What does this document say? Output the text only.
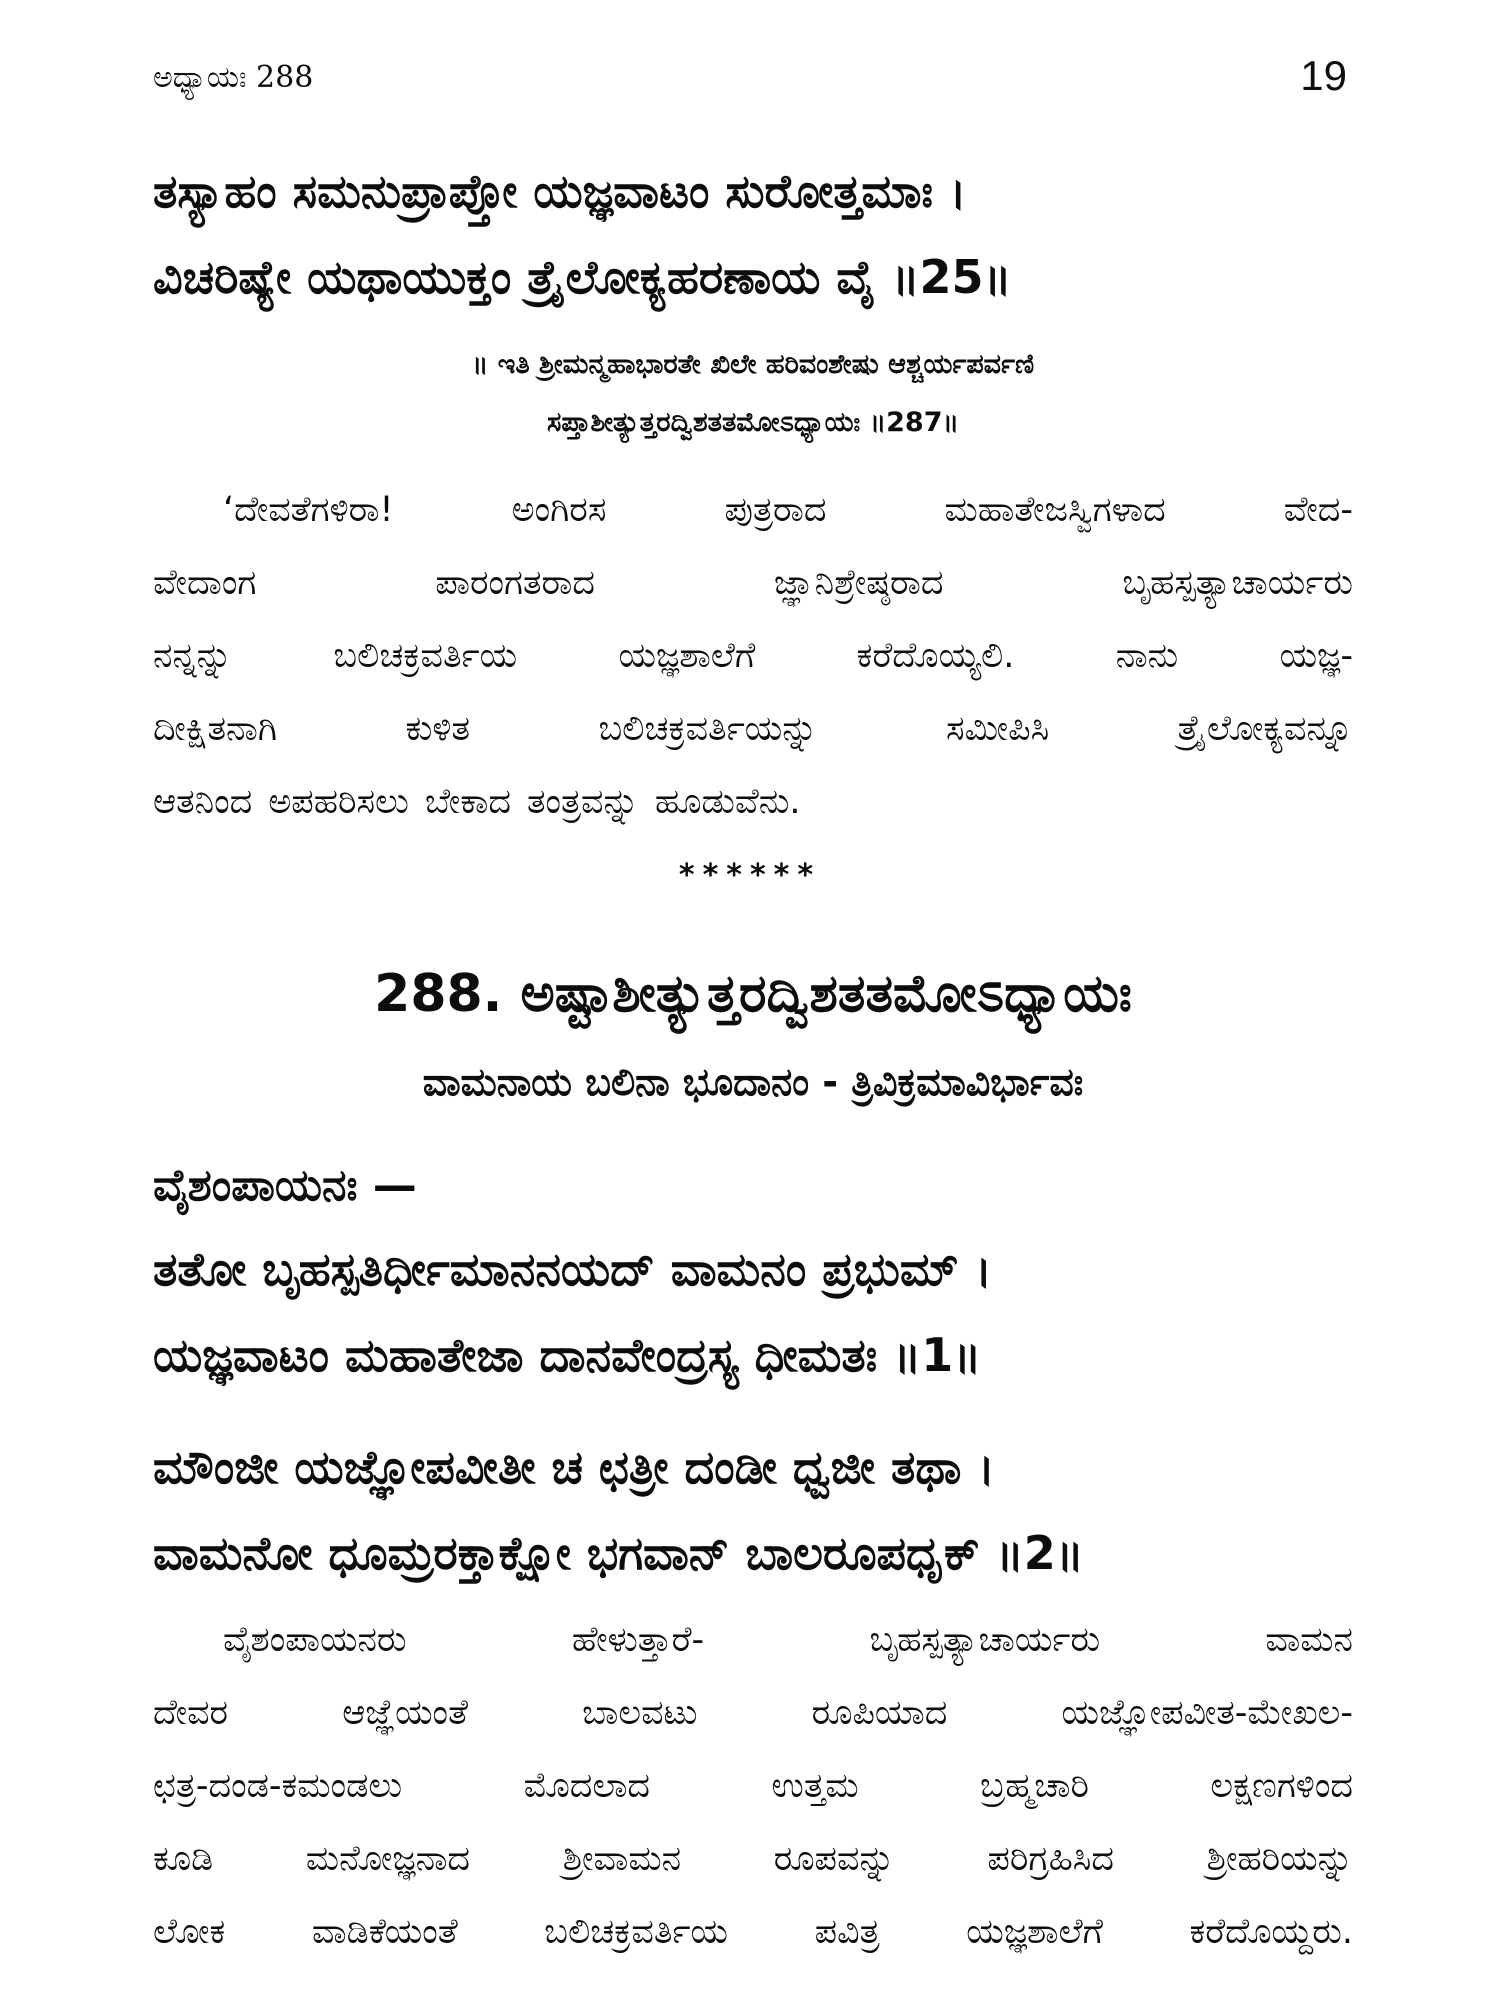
ಅಧ್ಯಾಯಃ 288	19
ತಸ್ಯಾಹಂ ಸಮನುಪ್ರಾಪ್ತೋ ಯಜ್ಞವಾಟಂ ಸುರೋತ್ತಮಾಃ ।
ವಿಚರಿಷ್ಯೇ ಯಥಾಯುಕ್ತಂ ತ್ರೈಲೋಕ್ಯಹರಣಾಯ ವೈ ॥25॥
॥ ಇತಿ ಶ್ರೀಮನ್ಮಹಾಭಾರತೇ ಖಿಲೇ ಹರಿವಂಶೇಷು ಆಶ್ಚರ್ಯಪರ್ವಣಿ
ಸಪ್ತಾಶೀತ್ಯುತ್ತರದ್ವಿಶತತಮೋಽಧ್ಯಾಯಃ ॥287॥
‘ದೇವತೆಗಳಿರಾ!	ಅಂಗಿರಸ	ಪುತ್ರರಾದ	ಮಹಾತೇಜಸ್ವಿಗಳಾದ	ವೇದ-
ವೇದಾಂಗ	ಪಾರಂಗತರಾದ	ಜ್ಞಾನಿಶ್ರೇಷ್ಠರಾದ	ಬೃಹಸ್ಪತ್ಯಾಚಾರ್ಯರು
ನನ್ನನ್ನು	ಬಲಿಚಕ್ರವರ್ತಿಯ	ಯಜ್ಞಶಾಲೆಗೆ	ಕರೆದೊಯ್ಯಲಿ.	ನಾನು	ಯಜ್ಞ-
ದೀಕ್ಷಿತನಾಗಿ	ಕುಳಿತ	ಬಲಿಚಕ್ರವರ್ತಿಯನ್ನು	ಸಮೀಪಿಸಿ	ತ್ರೈಲೋಕ್ಯವನ್ನೂ
ಆತನಿಂದ ಅಪಹರಿಸಲು ಬೇಕಾದ ತಂತ್ರವನ್ನು ಹೂಡುವೆನು.
******
288. ಅಷ್ಟಾಶೀತ್ಯುತ್ತರದ್ವಿಶತತಮೋಽಧ್ಯಾಯಃ
ವಾಮನಾಯ ಬಲಿನಾ ಭೂದಾನಂ - ತ್ರಿವಿಕ್ರಮಾವಿರ್ಭಾವಃ
ವೈಶಂಪಾಯನಃ —
ತತೋ ಬೃಹಸ್ಪತಿರ್ಧೀಮಾನನಯದ್ ವಾಮನಂ ಪ್ರಭುಮ್ ।
ಯಜ್ಞವಾಟಂ ಮಹಾತೇಜಾ ದಾನವೇಂದ್ರಸ್ಯ ಧೀಮತಃ ॥1॥
ಮೌಂಜೀ ಯಜ್ಞೋಪವೀತೀ ಚ ಛತ್ರೀ ದಂಡೀ ಧ್ವಜೀ ತಥಾ ।
ವಾಮನೋ ಧೂಮ್ರರಕ್ತಾಕ್ಷೋ ಭಗವಾನ್ ಬಾಲರೂಪಧೃಕ್ ॥2॥
ವೈಶಂಪಾಯನರು	ಹೇಳುತ್ತಾರೆ-	ಬೃಹಸ್ಪತ್ಯಾಚಾರ್ಯರು	ವಾಮನ
ದೇವರ	ಆಜ್ಞೆಯಂತೆ	ಬಾಲವಟು	ರೂಪಿಯಾದ	ಯಜ್ಞೋಪವೀತ-ಮೇಖಲ-
ಛತ್ರ-ದಂಡ-ಕಮಂಡಲು	ಮೊದಲಾದ	ಉತ್ತಮ	ಬ್ರಹ್ಮಚಾರಿ	ಲಕ್ಷಣಗಳಿಂದ
ಕೂಡಿ	ಮನೋಜ್ಞನಾದ	ಶ್ರೀವಾಮನ	ರೂಪವನ್ನು	ಪರಿಗ್ರಹಿಸಿದ	ಶ್ರೀಹರಿಯನ್ನು
ಲೋಕ ವಾಡಿಕೆಯಂತೆ ಬಲಿಚಕ್ರವರ್ತಿಯ ಪವಿತ್ರ ಯಜ್ಞಶಾಲೆಗೆ ಕರೆದೊಯ್ದರು.
